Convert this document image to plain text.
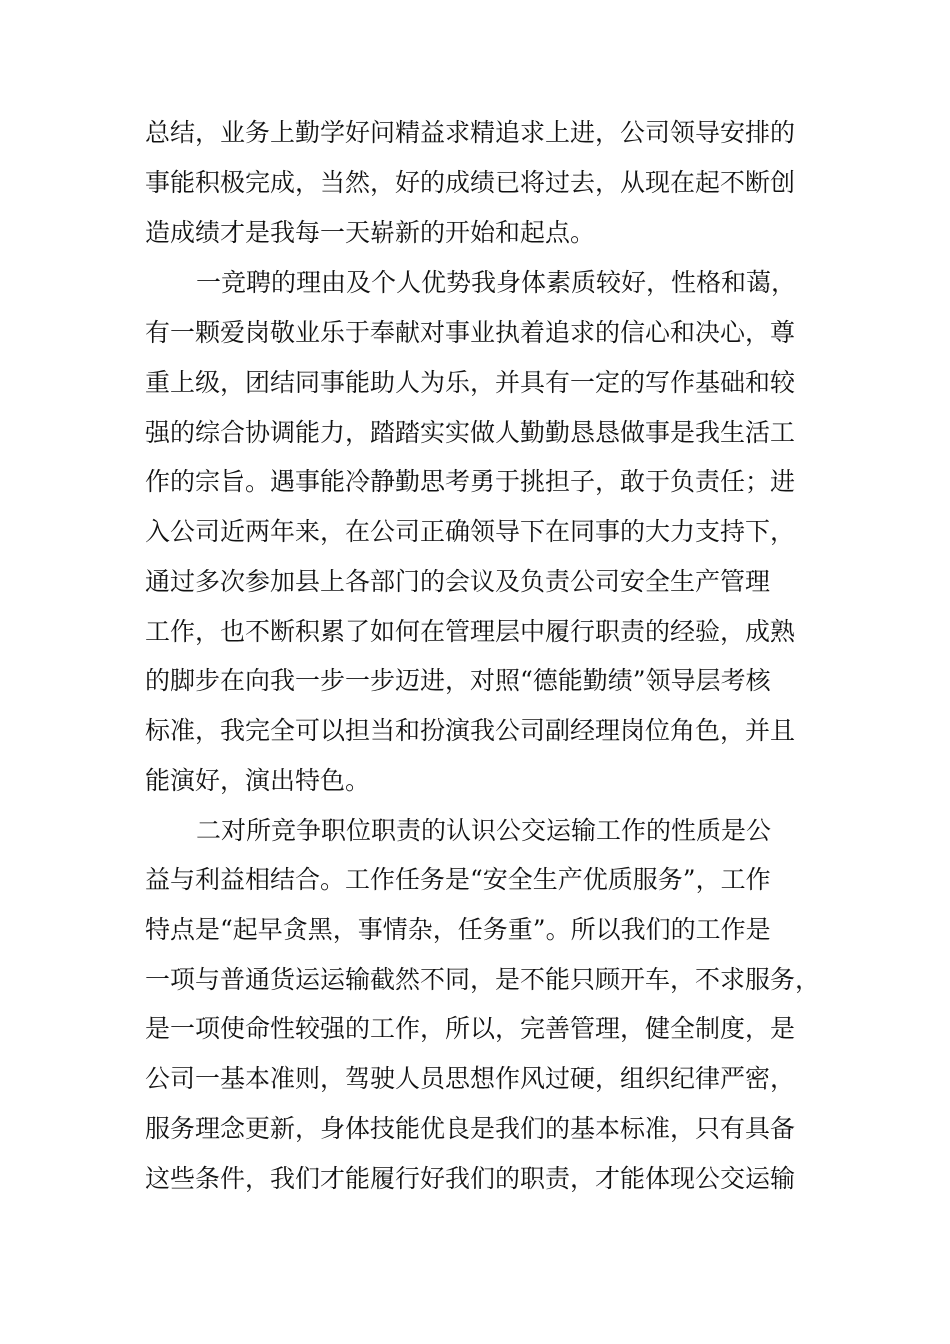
总结，业务上勤学好问精益求精追求上进，公司领导安排的
事能积极完成，当然，好的成绩已将过去，从现在起不断创
造成绩才是我每一天崭新的开始和起点。
一竞聘的理由及个人优势我身体素质较好，性格和蔼，
有一颗爱岗敬业乐于奉献对事业执着追求的信心和决心，尊
重上级，团结同事能助人为乐，并具有一定的写作基础和较
强的综合协调能力，踏踏实实做人勤勤恳恳做事是我生活工
作的宗旨。遇事能冷静勤思考勇于挑担子，敢于负责任；进
入公司近两年来，在公司正确领导下在同事的大力支持下，
通过多次参加县上各部门的会议及负责公司安全生产管理
工作，也不断积累了如何在管理层中履行职责的经验，成熟
的脚步在向我一步一步迈进，对照“德能勤绩”领导层考核
标准，我完全可以担当和扮演我公司副经理岗位角色，并且
能演好，演出特色。
二对所竞争职位职责的认识公交运输工作的性质是公
益与利益相结合。工作任务是“安全生产优质服务”，工作
特点是“起早贪黑，事情杂，任务重”。所以我们的工作是
一项与普通货运运输截然不同，是不能只顾开车，不求服务，
是一项使命性较强的工作，所以，完善管理，健全制度，是
公司一基本准则，驾驶人员思想作风过硬，组织纪律严密，
服务理念更新，身体技能优良是我们的基本标准，只有具备
这些条件，我们才能履行好我们的职责，才能体现公交运输
